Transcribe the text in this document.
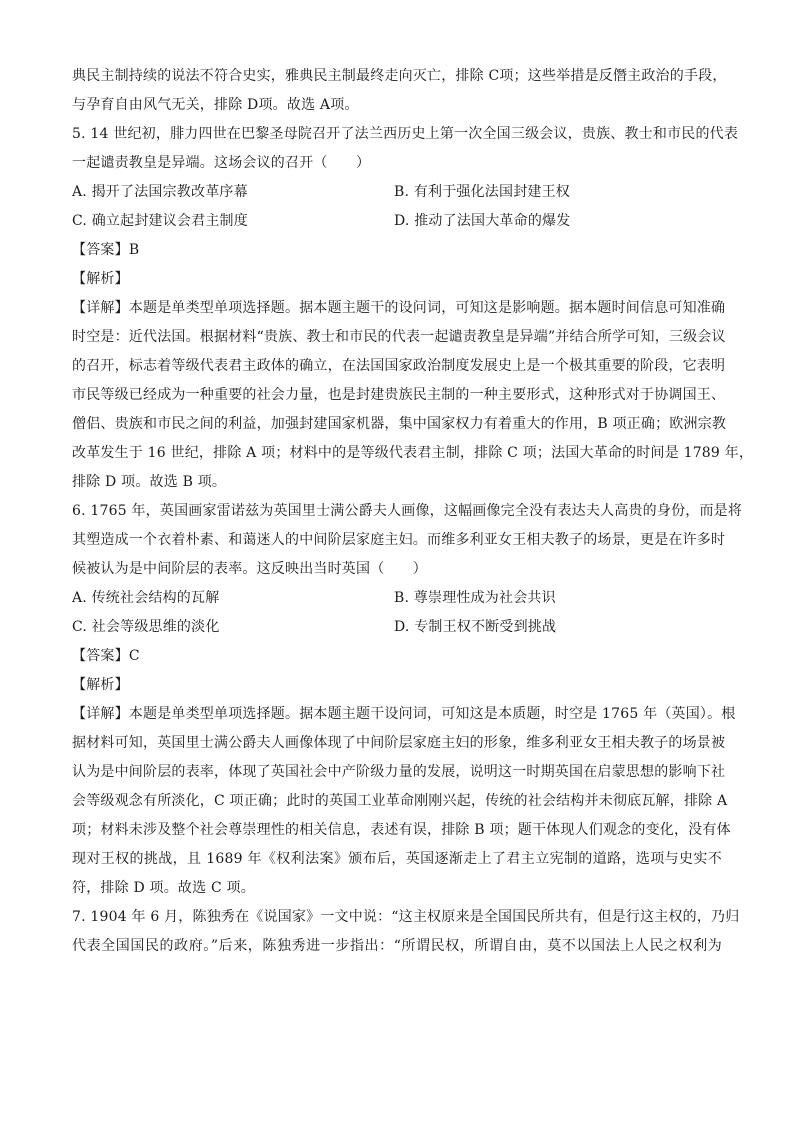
典民主制持续的说法不符合史实，雅典民主制最终走向灭亡，排除 C项；这些举措是反僭主政治的手段，
与孕育自由风气无关，排除 D项。故选 A项。
5. 14 世纪初，腓力四世在巴黎圣母院召开了法兰西历史上第一次全国三级会议，贵族、教士和市民的代表
一起谴责教皇是异端。这场会议的召开（　　）
A. 揭开了法国宗教改革序幕	B. 有利于强化法国封建王权
C. 确立起封建议会君主制度	D. 推动了法国大革命的爆发
【答案】B
【解析】
【详解】本题是单类型单项选择题。据本题主题干的设问词，可知这是影响题。据本题时间信息可知准确
时空是：近代法国。根据材料“贵族、教士和市民的代表一起谴责教皇是异端”并结合所学可知，三级会议
的召开，标志着等级代表君主政体的确立，在法国国家政治制度发展史上是一个极其重要的阶段，它表明
市民等级已经成为一种重要的社会力量，也是封建贵族民主制的一种主要形式，这种形式对于协调国王、
僧侣、贵族和市民之间的利益，加强封建国家机器，集中国家权力有着重大的作用，B 项正确；欧洲宗教
改革发生于 16 世纪，排除 A 项；材料中的是等级代表君主制，排除 C 项；法国大革命的时间是 1789 年，
排除 D 项。故选 B 项。
6. 1765 年，英国画家雷诺兹为英国里士满公爵夫人画像，这幅画像完全没有表达夫人高贵的身份，而是将
其塑造成一个衣着朴素、和蔼迷人的中间阶层家庭主妇。而维多利亚女王相夫教子的场景，更是在许多时
候被认为是中间阶层的表率。这反映出当时英国（　　）
A. 传统社会结构的瓦解	B. 尊崇理性成为社会共识
C. 社会等级思维的淡化	D. 专制王权不断受到挑战
【答案】C
【解析】
【详解】本题是单类型单项选择题。据本题主题干设问词，可知这是本质题，时空是 1765 年（英国）。根
据材料可知，英国里士满公爵夫人画像体现了中间阶层家庭主妇的形象，维多利亚女王相夫教子的场景被
认为是中间阶层的表率，体现了英国社会中产阶级力量的发展，说明这一时期英国在启蒙思想的影响下社
会等级观念有所淡化，C 项正确；此时的英国工业革命刚刚兴起，传统的社会结构并未彻底瓦解，排除 A
项；材料未涉及整个社会尊崇理性的相关信息，表述有误，排除 B 项；题干体现人们观念的变化，没有体
现对王权的挑战，且 1689 年《权利法案》颁布后，英国逐渐走上了君主立宪制的道路，选项与史实不
符，排除 D 项。故选 C 项。
7. 1904 年 6 月，陈独秀在《说国家》一文中说：“这主权原来是全国国民所共有，但是行这主权的，乃归
代表全国国民的政府。”后来，陈独秀进一步指出：“所谓民权，所谓自由，莫不以国法上人民之权利为
